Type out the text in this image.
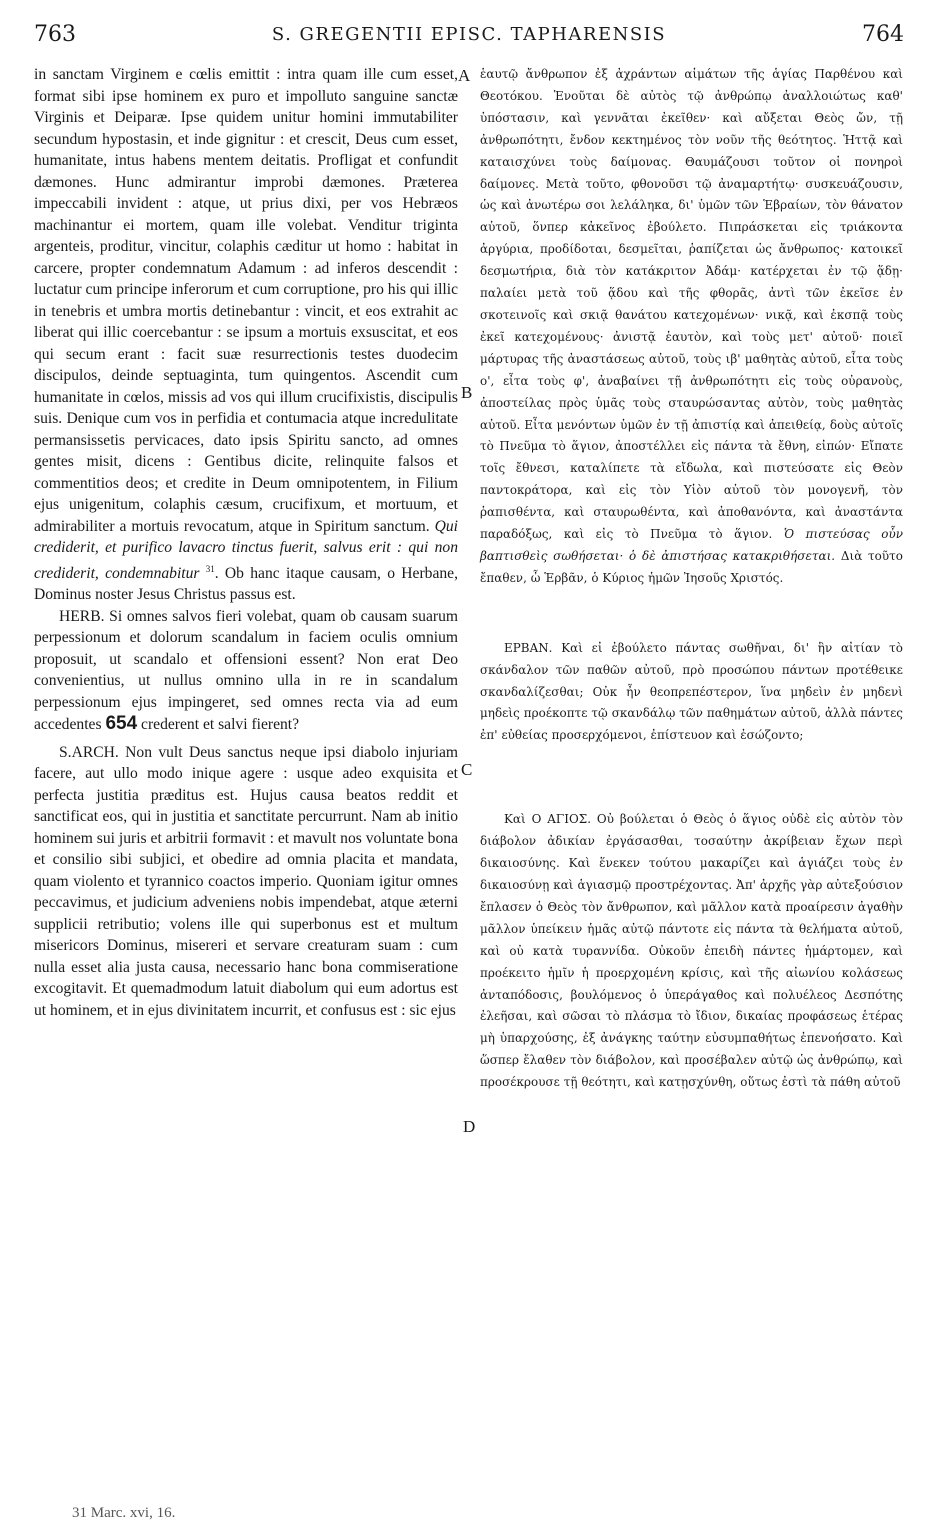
763	S. GREGENTII EPISC. TAPHARENSIS	764

in sanctam Virginem e cœlis emittit : intra quam ille cum esset, format sibi ipse hominem ex puro et impolluto sanguine sanctæ Virginis et Deiparæ. Ipse quidem unitur homini immutabiliter secundum hypostasin, et inde gignitur : et crescit, Deus cum esset, humanitate, intus habens mentem deitatis. Profligat et confundit dæmones. Hunc admirantur improbi dæmones. Præterea impeccabili invident : atque, ut prius dixi, per vos Hebræos machinantur ei mortem, quam ille volebat. Venditur triginta argenteis, proditur, vincitur, colaphis cæditur ut homo : habitat in carcere, propter condemnatum Adamum : ad inferos descendit : luctatur cum principe inferorum et cum corruptione, pro his qui illic in tenebris et umbra mortis detinebantur : vincit, et eos extrahit ac liberat qui illic coercebantur : se ipsum a mortuis exsuscitat, et eos qui secum erant : facit suæ resurrectionis testes duodecim discipulos, deinde septuaginta, tum quingentos. Ascendit cum humanitate in cœlos, missis ad vos qui illum crucifixistis, discipulis suis. Denique cum vos in perfidia et contumacia atque incredulitate permansissetis pervicaces, dato ipsis Spiritu sancto, ad omnes gentes misit, dicens : Gentibus dicite, relinquite falsos et commentitios deos; et credite in Deum omnipotentem, in Filium ejus unigenitum, colaphis cæsum, crucifixum, et mortuum, et admirabiliter a mortuis revocatum, atque in Spiritum sanctum. Qui crediderit, et purifico lavacro tinctus fuerit, salvus erit : qui non crediderit, condemnabitur $^{31}$. Ob hanc itaque causam, o Herbane, Dominus noster Jesus Christus passus est.

HERB. Si omnes salvos fieri volebat, quam ob causam suarum perpessionum et dolorum scandalum in faciem oculis omnium proposuit, ut scandalo et offensioni essent? Non erat Deo convenientius, ut nullus omnino ulla in re in scandalum perpessionum ejus impingeret, sed omnes recta via ad eum accedentes 654 crederent et salvi fierent?

S.ARCH. Non vult Deus sanctus neque ipsi diabolo injuriam facere, aut ullo modo inique agere : usque adeo exquisita et perfecta justitia præditus est. Hujus causa beatos reddit et sanctificat eos, qui in justitia et sanctitate percurrunt. Nam ab initio hominem sui juris et arbitrii formavit : et mavult nos voluntate bona et consilio sibi subjici, et obedire ad omnia placita et mandata, quam violento et tyrannico coactos imperio. Quoniam igitur omnes peccavimus, et judicium adveniens nobis impendebat, atque æterni supplicii retributio; volens ille qui superbonus est et multum misericors Dominus, misereri et servare creaturam suam : cum nulla esset alia justa causa, necessario hanc bona commiseratione excogitavit. Et quemadmodum latuit diabolum qui eum adortus est ut hominem, et in ejus divinitatem incurrit, et confusus est : sic ejus

A
B
C
D

ἑαυτῷ ἄνθρωπον ἐξ ἀχράντων αἱμάτων τῆς ἁγίας Παρθένου καὶ Θεοτόκου. Ἑνοῦται δὲ αὐτὸς τῷ ἀνθρώπῳ ἀναλλοιώτως καθ' ὑπόστασιν, καὶ γεννᾶται ἐκεῖθεν· καὶ αὔξεται Θεὸς ὤν, τῇ ἀνθρωπότητι, ἔνδον κεκτημένος τὸν νοῦν τῆς θεότητος. Ἡττᾷ καὶ καταισχύνει τοὺς δαίμονας. Θαυμάζουσι τοῦτον οἱ πονηροὶ δαίμονες. Μετὰ τοῦτο, φθονοῦσι τῷ ἀναμαρτήτῳ· συσκευάζουσιν, ὡς καὶ ἀνωτέρω σοι λελάληκα, δι' ὑμῶν τῶν Ἑβραίων, τὸν θάνατον αὐτοῦ, ὅνπερ κἀκεῖνος ἐβούλετο. Πιπράσκεται εἰς τριάκοντα ἀργύρια, προδίδοται, δεσμεῖται, ῥαπίζεται ὡς ἄνθρωπος· κατοικεῖ δεσμωτήρια, διὰ τὸν κατάκριτον Ἀδάμ· κατέρχεται ἐν τῷ ᾅδῃ· παλαίει μετὰ τοῦ ᾅδου καὶ τῆς φθορᾶς, ἀντὶ τῶν ἐκεῖσε ἐν σκοτεινοῖς καὶ σκιᾷ θανάτου κατεχομένων· νικᾷ, καὶ ἐκσπᾷ τοὺς ἐκεῖ κατεχομένους· ἀνιστᾷ ἑαυτὸν, καὶ τοὺς μετ' αὐτοῦ· ποιεῖ μάρτυρας τῆς ἀναστάσεως αὐτοῦ, τοὺς ιβ' μαθητὰς αὐτοῦ, εἶτα τοὺς ο', εἶτα τοὺς φ', ἀναβαίνει τῇ ἀνθρωπότητι εἰς τοὺς οὐρανοὺς, ἀποστείλας πρὸς ὑμᾶς τοὺς σταυρώσαντας αὐτὸν, τοὺς μαθητὰς αὐτοῦ. Εἶτα μενόντων ὑμῶν ἐν τῇ ἀπιστίᾳ καὶ ἀπειθείᾳ, δοὺς αὐτοῖς τὸ Πνεῦμα τὸ ἅγιον, ἀποστέλλει εἰς πάντα τὰ ἔθνη, εἰπών· Εἴπατε τοῖς ἔθνεσι, καταλίπετε τὰ εἴδωλα, καὶ πιστεύσατε εἰς Θεὸν παντοκράτορα, καὶ εἰς τὸν Υἱὸν αὐτοῦ τὸν μονογενῆ, τὸν ῥαπισθέντα, καὶ σταυρωθέντα, καὶ ἀποθανόντα, καὶ ἀναστάντα παραδόξως, καὶ εἰς τὸ Πνεῦμα τὸ ἅγιον. Ὁ πιστεύσας οὖν βαπτισθεὶς σωθήσεται· ὁ δὲ ἀπιστήσας κατακριθήσεται. Διὰ τοῦτο ἔπαθεν, ὦ Ἑρβᾶν, ὁ Κύριος ἡμῶν Ἰησοῦς Χριστός.

ΕΡΒΑΝ. Καὶ εἰ ἐβούλετο πάντας σωθῆναι, δι' ἣν αἰτίαν τὸ σκάνδαλον τῶν παθῶν αὐτοῦ, πρὸ προσώπου πάντων προτέθεικε σκανδαλίζεσθαι; Οὐκ ἦν θεοπρεπέστερον, ἵνα μηδεὶν ἐν μηδενὶ μηδεὶς προέκοπτε τῷ σκανδάλῳ τῶν παθημάτων αὐτοῦ, ἀλλὰ πάντες ἐπ' εὐθείας προσερχόμενοι, ἐπίστευον καὶ ἐσώζοντο;

Καὶ Ο ΑΓΙΟΣ. Οὐ βούλεται ὁ Θεὸς ὁ ἅγιος οὐδὲ εἰς αὐτὸν τὸν διάβολον ἀδικίαν ἐργάσασθαι, τοσαύτην ἀκρίβειαν ἔχων περὶ δικαιοσύνης. Καὶ ἕνεκεν τούτου μακαρίζει καὶ ἁγιάζει τοὺς ἐν δικαιοσύνῃ καὶ ἁγιασμῷ προστρέχοντας. Ἀπ' ἀρχῆς γὰρ αὐτεξούσιον ἔπλασεν ὁ Θεὸς τὸν ἄνθρωπον, καὶ μᾶλλον κατὰ προαίρεσιν ἀγαθὴν μᾶλλον ὑπείκειν ἡμᾶς αὐτῷ πάντοτε εἰς πάντα τὰ θελήματα αὐτοῦ, καὶ οὐ κατὰ τυραννίδα. Οὐκοῦν ἐπειδὴ πάντες ἡμάρτομεν, καὶ προέκειτο ἡμῖν ἡ προερχομένη κρίσις, καὶ τῆς αἰωνίου κολάσεως ἀνταπόδοσις, βουλόμενος ὁ ὑπεράγαθος καὶ πολυέλεος Δεσπότης ἐλεῆσαι, καὶ σῶσαι τὸ πλάσμα τὸ ἴδιον, δικαίας προφάσεως ἑτέρας μὴ ὑπαρχούσης, ἐξ ἀνάγκης ταύτην εὐσυμπαθήτως ἐπενοήσατο. Καὶ ὥσπερ ἔλαθεν τὸν διάβολον, καὶ προσέβαλεν αὐτῷ ὡς ἀνθρώπῳ, καὶ προσέκρουσε τῇ θεότητι, καὶ κατῃσχύνθη, οὕτως ἐστὶ τὰ πάθη αὐτοῦ

31 Marc. xvi, 16.
